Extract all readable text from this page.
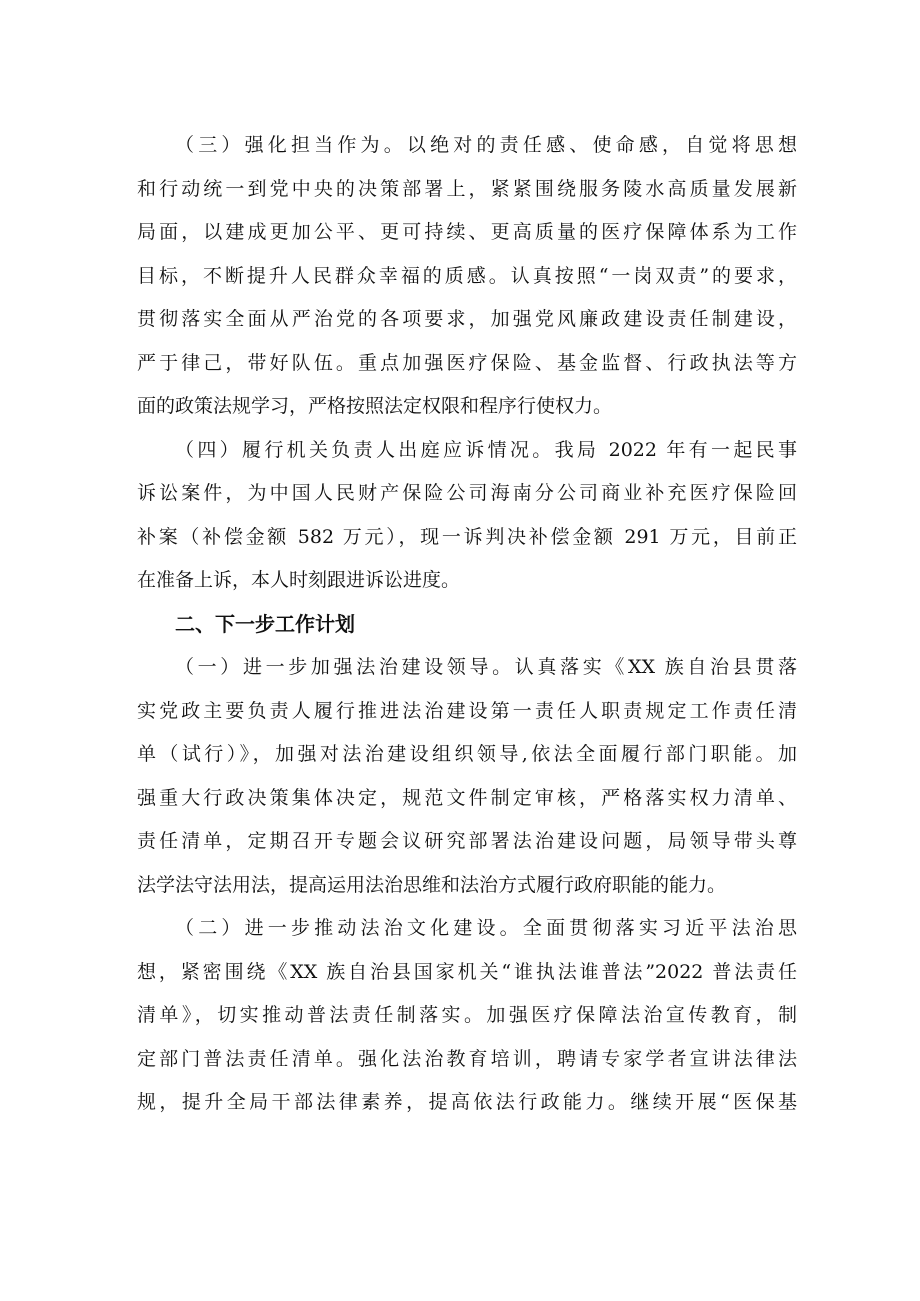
（三）强化担当作为。以绝对的责任感、使命感，自觉将思想
和行动统一到党中央的决策部署上，紧紧围绕服务陵水高质量发展新
局面，以建成更加公平、更可持续、更高质量的医疗保障体系为工作
目标，不断提升人民群众幸福的质感。认真按照“一岗双责”的要求，
贯彻落实全面从严治党的各项要求，加强党风廉政建设责任制建设，
严于律己，带好队伍。重点加强医疗保险、基金监督、行政执法等方
面的政策法规学习，严格按照法定权限和程序行使权力。
（四）履行机关负责人出庭应诉情况。我局 2022 年有一起民事
诉讼案件，为中国人民财产保险公司海南分公司商业补充医疗保险回
补案（补偿金额 582 万元），现一诉判决补偿金额 291 万元，目前正
在准备上诉，本人时刻跟进诉讼进度。
二、下一步工作计划
（一）进一步加强法治建设领导。认真落实《XX 族自治县贯落
实党政主要负责人履行推进法治建设第一责任人职责规定工作责任清
单（试行）》，加强对法治建设组织领导,依法全面履行部门职能。加
强重大行政决策集体决定，规范文件制定审核，严格落实权力清单、
责任清单，定期召开专题会议研究部署法治建设问题，局领导带头尊
法学法守法用法，提高运用法治思维和法治方式履行政府职能的能力。
（二）进一步推动法治文化建设。全面贯彻落实习近平法治思
想，紧密围绕《XX 族自治县国家机关“谁执法谁普法”2022 普法责任
清单》，切实推动普法责任制落实。加强医疗保障法治宣传教育，制
定部门普法责任清单。强化法治教育培训，聘请专家学者宣讲法律法
规，提升全局干部法律素养，提高依法行政能力。继续开展“医保基
